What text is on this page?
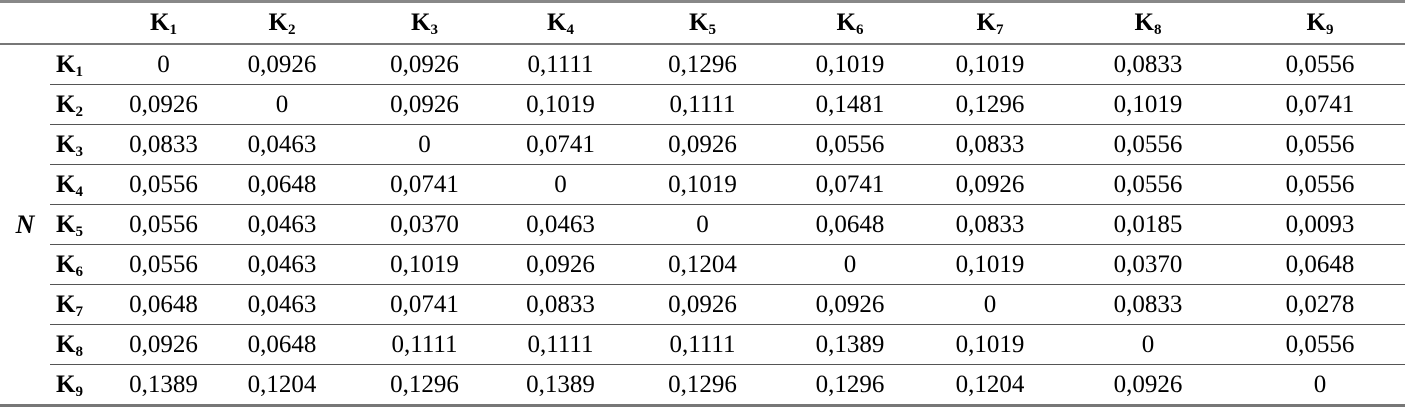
		$K_1$	$K_2$	$K_3$	$K_4$	$K_5$	$K_6$	$K_7$	$K_8$	$K_9$
N	$K_1$	0	0,0926	0,0926	0,1111	0,1296	0,1019	0,1019	0,0833	0,0556
	$K_2$	0,0926	0	0,0926	0,1019	0,1111	0,1481	0,1296	0,1019	0,0741
	$K_3$	0,0833	0,0463	0	0,0741	0,0926	0,0556	0,0833	0,0556	0,0556
	$K_4$	0,0556	0,0648	0,0741	0	0,1019	0,0741	0,0926	0,0556	0,0556
	$K_5$	0,0556	0,0463	0,0370	0,0463	0	0,0648	0,0833	0,0185	0,0093
	$K_6$	0,0556	0,0463	0,1019	0,0926	0,1204	0	0,1019	0,0370	0,0648
	$K_7$	0,0648	0,0463	0,0741	0,0833	0,0926	0,0926	0	0,0833	0,0278
	$K_8$	0,0926	0,0648	0,1111	0,1111	0,1111	0,1389	0,1019	0	0,0556
	$K_9$	0,1389	0,1204	0,1296	0,1389	0,1296	0,1296	0,1204	0,0926	0
